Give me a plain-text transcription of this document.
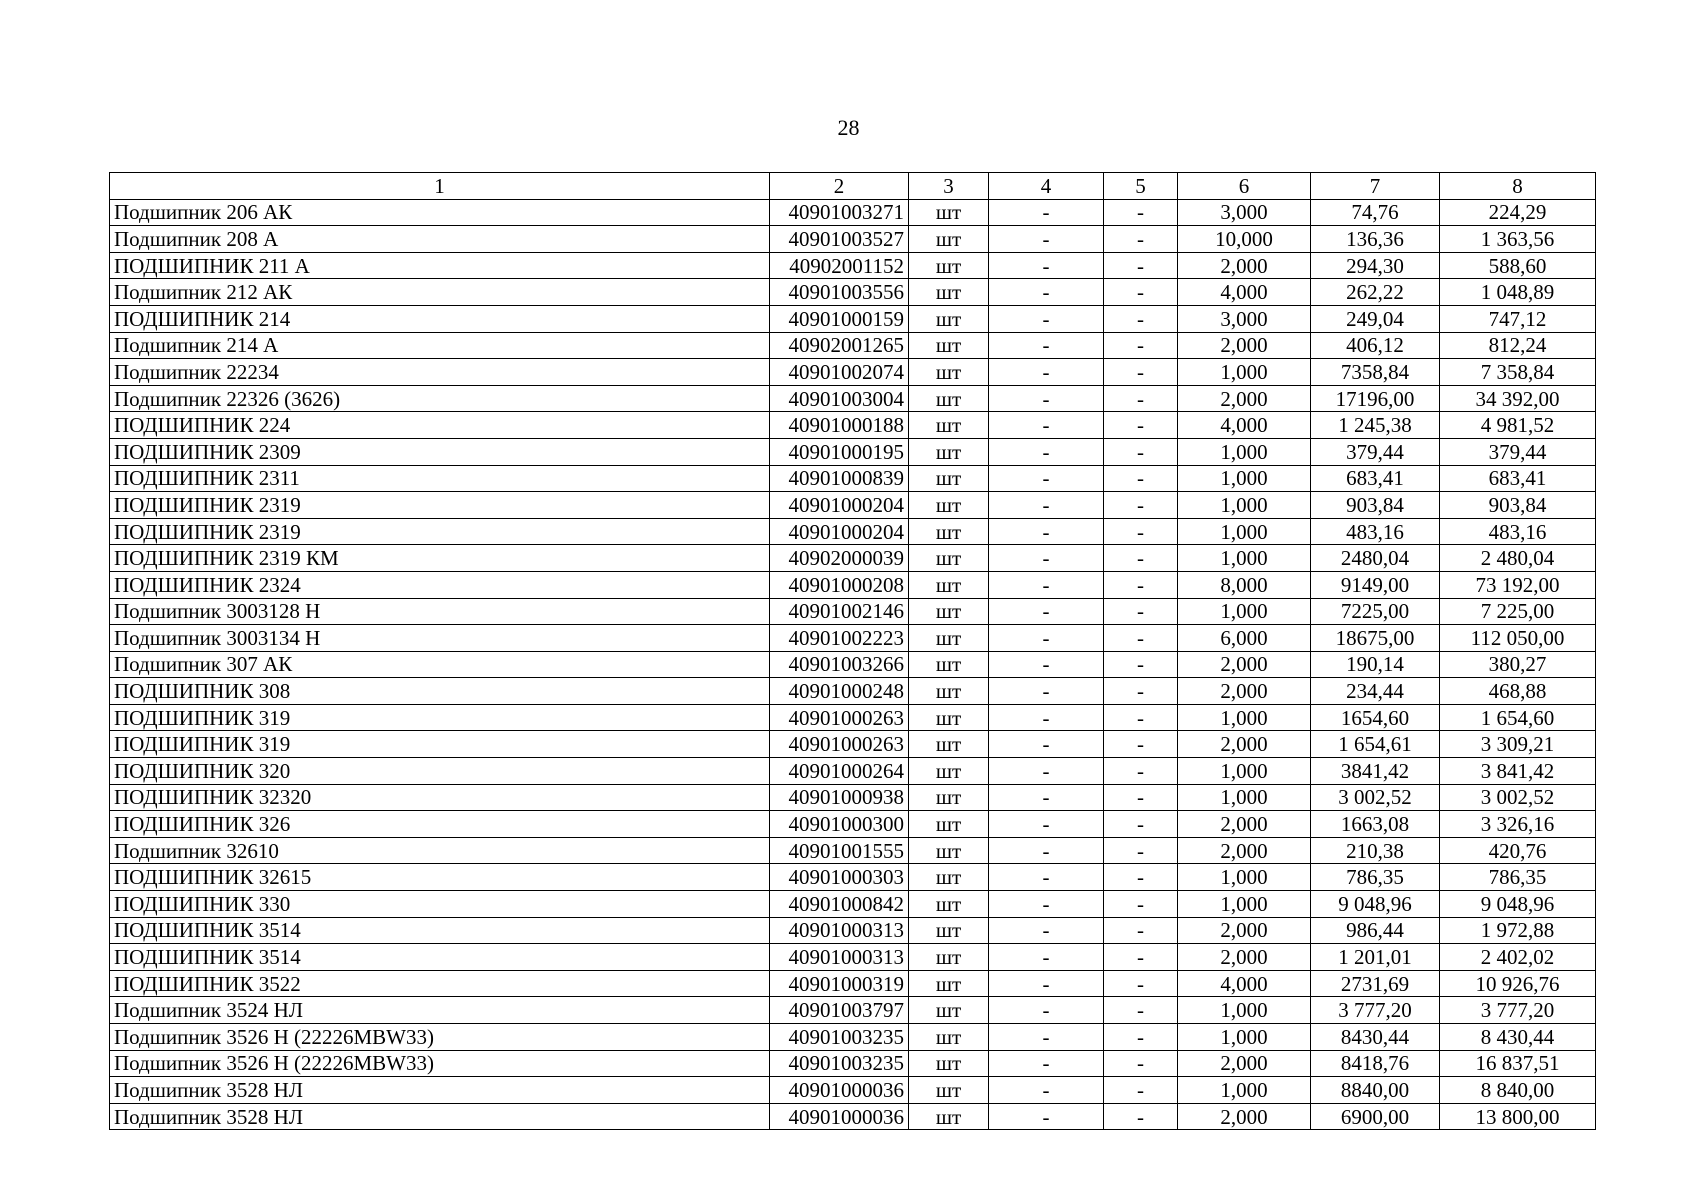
28
1	2	3	4	5	6	7	8
Подшипник 206 АК	40901003271	шт	-	-	3,000	74,76	224,29
Подшипник 208 А	40901003527	шт	-	-	10,000	136,36	1 363,56
ПОДШИПНИК 211 А	40902001152	шт	-	-	2,000	294,30	588,60
Подшипник 212 АК	40901003556	шт	-	-	4,000	262,22	1 048,89
ПОДШИПНИК 214	40901000159	шт	-	-	3,000	249,04	747,12
Подшипник 214 А	40902001265	шт	-	-	2,000	406,12	812,24
Подшипник 22234	40901002074	шт	-	-	1,000	7358,84	7 358,84
Подшипник 22326 (3626)	40901003004	шт	-	-	2,000	17196,00	34 392,00
ПОДШИПНИК 224	40901000188	шт	-	-	4,000	1 245,38	4 981,52
ПОДШИПНИК 2309	40901000195	шт	-	-	1,000	379,44	379,44
ПОДШИПНИК 2311	40901000839	шт	-	-	1,000	683,41	683,41
ПОДШИПНИК 2319	40901000204	шт	-	-	1,000	903,84	903,84
ПОДШИПНИК 2319	40901000204	шт	-	-	1,000	483,16	483,16
ПОДШИПНИК 2319 КМ	40902000039	шт	-	-	1,000	2480,04	2 480,04
ПОДШИПНИК 2324	40901000208	шт	-	-	8,000	9149,00	73 192,00
Подшипник 3003128 Н	40901002146	шт	-	-	1,000	7225,00	7 225,00
Подшипник 3003134 Н	40901002223	шт	-	-	6,000	18675,00	112 050,00
Подшипник 307 АК	40901003266	шт	-	-	2,000	190,14	380,27
ПОДШИПНИК 308	40901000248	шт	-	-	2,000	234,44	468,88
ПОДШИПНИК 319	40901000263	шт	-	-	1,000	1654,60	1 654,60
ПОДШИПНИК 319	40901000263	шт	-	-	2,000	1 654,61	3 309,21
ПОДШИПНИК 320	40901000264	шт	-	-	1,000	3841,42	3 841,42
ПОДШИПНИК 32320	40901000938	шт	-	-	1,000	3 002,52	3 002,52
ПОДШИПНИК 326	40901000300	шт	-	-	2,000	1663,08	3 326,16
Подшипник 32610	40901001555	шт	-	-	2,000	210,38	420,76
ПОДШИПНИК 32615	40901000303	шт	-	-	1,000	786,35	786,35
ПОДШИПНИК 330	40901000842	шт	-	-	1,000	9 048,96	9 048,96
ПОДШИПНИК 3514	40901000313	шт	-	-	2,000	986,44	1 972,88
ПОДШИПНИК 3514	40901000313	шт	-	-	2,000	1 201,01	2 402,02
ПОДШИПНИК 3522	40901000319	шт	-	-	4,000	2731,69	10 926,76
Подшипник 3524 НЛ	40901003797	шт	-	-	1,000	3 777,20	3 777,20
Подшипник 3526 Н (22226MBW33)	40901003235	шт	-	-	1,000	8430,44	8 430,44
Подшипник 3526 Н (22226MBW33)	40901003235	шт	-	-	2,000	8418,76	16 837,51
Подшипник 3528 НЛ	40901000036	шт	-	-	1,000	8840,00	8 840,00
Подшипник 3528 НЛ	40901000036	шт	-	-	2,000	6900,00	13 800,00
